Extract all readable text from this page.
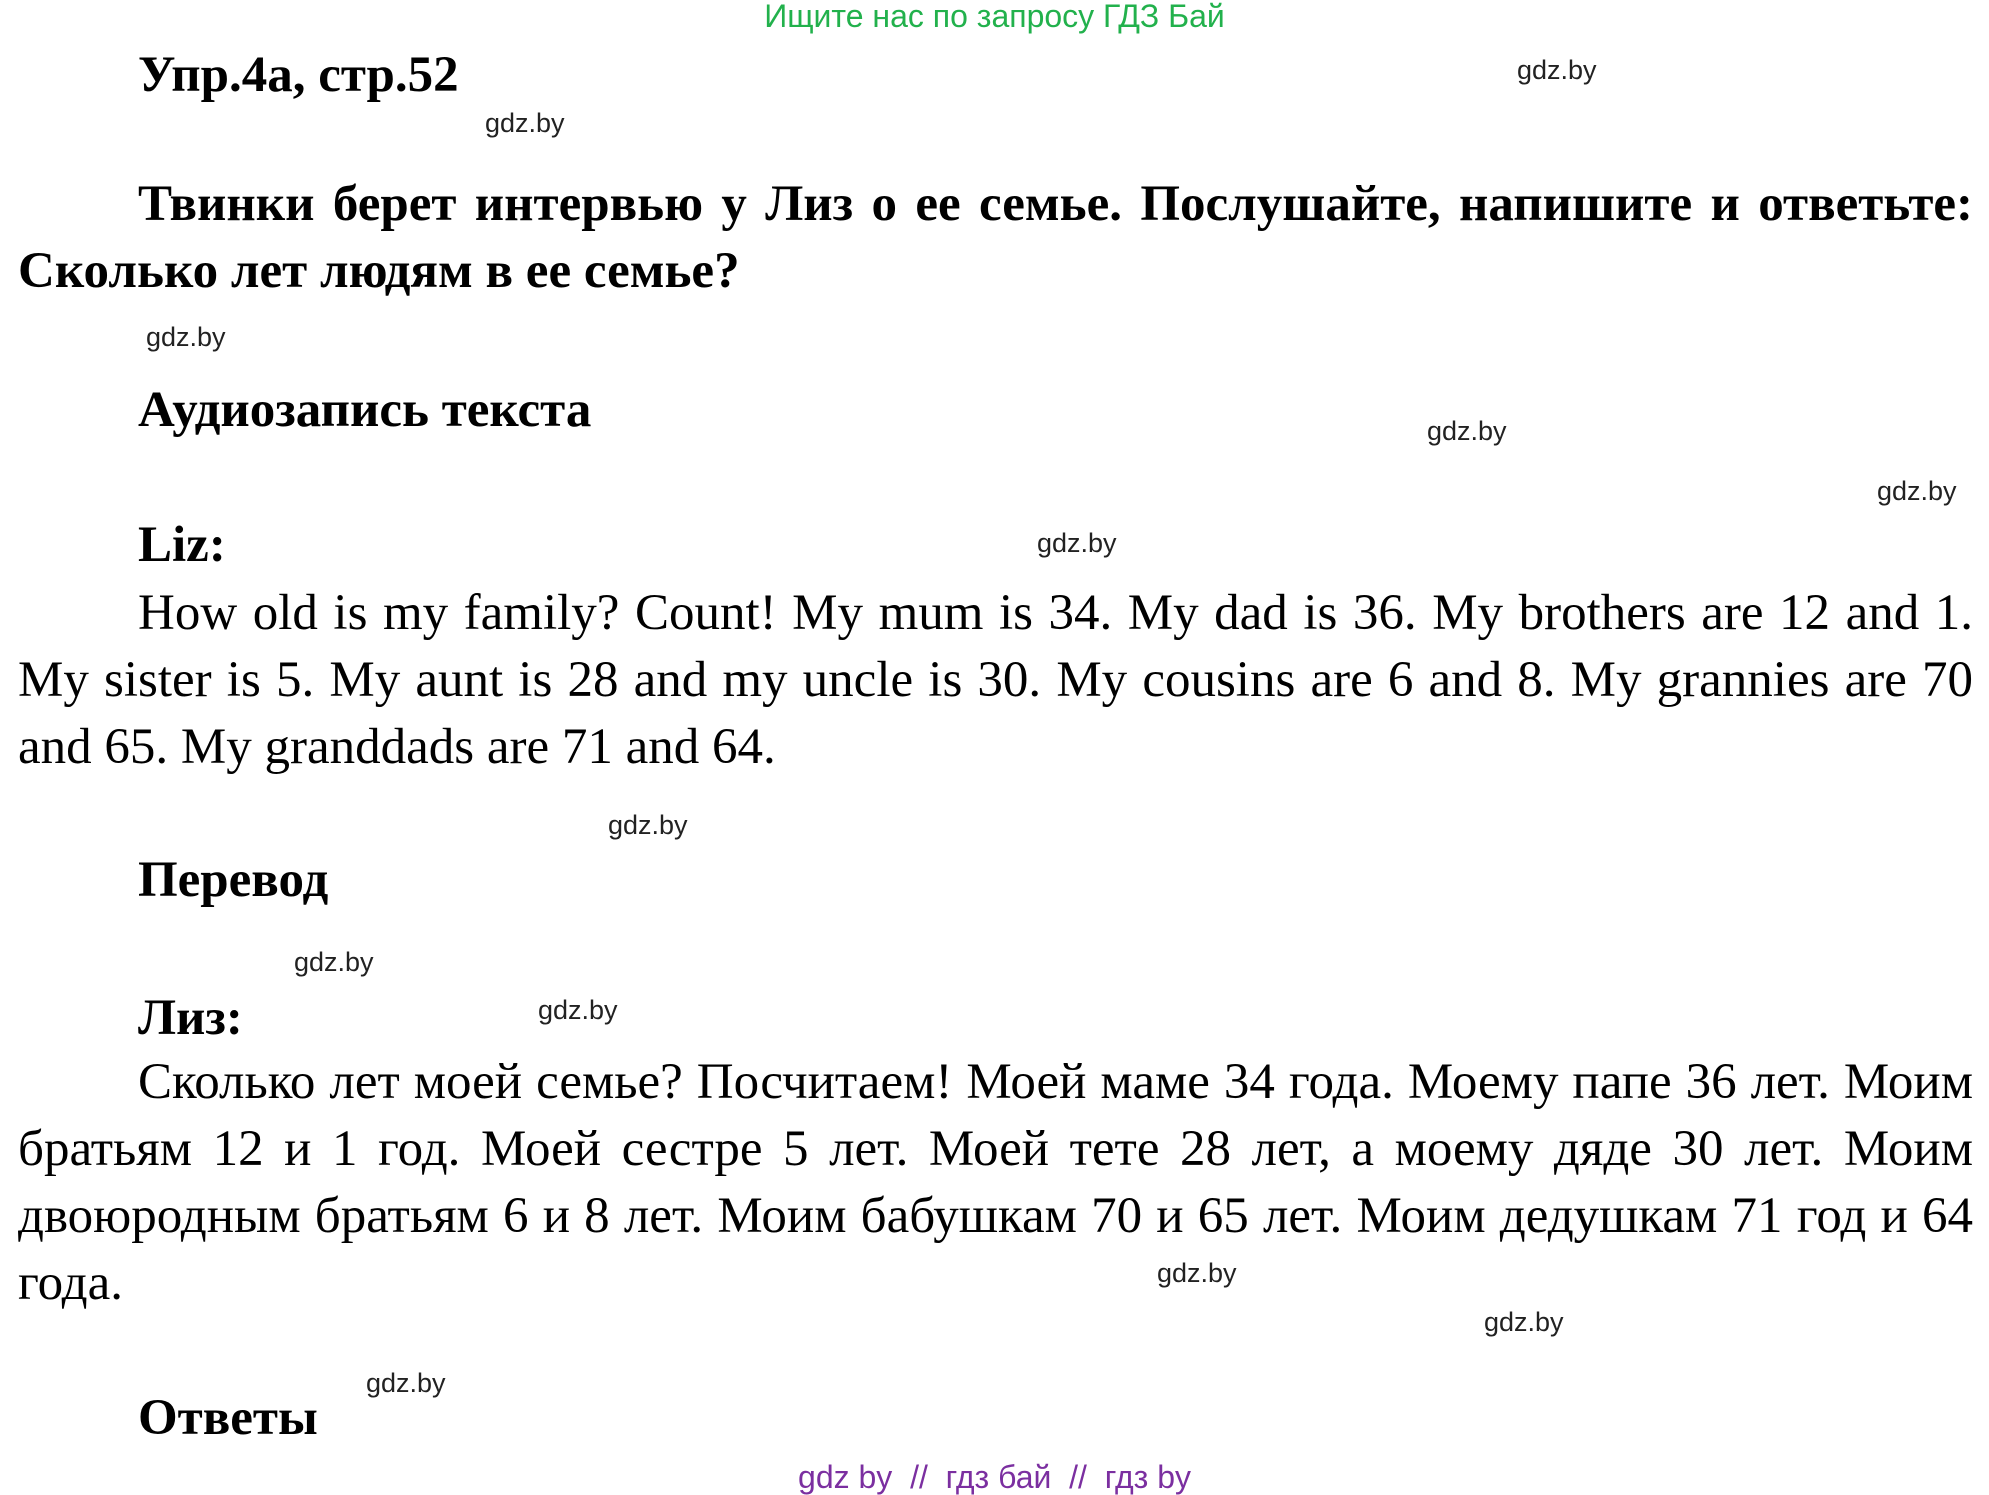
Ищите нас по запросу ГДЗ Бай
Упр.4а, стр.52
Твинки берет интервью у Лиз о ее семье. Послушайте, напишите и ответьте: Сколько лет людям в ее семье?
Аудиозапись текста
Liz:
How old is my family? Count! My mum is 34. My dad is 36. My brothers are 12 and 1. My sister is 5. My aunt is 28 and my uncle is 30. My cousins are 6 and 8. My grannies are 70 and 65. My granddads are 71 and 64.
Перевод
Лиз:
Сколько лет моей семье? Посчитаем! Моей маме 34 года. Моему папе 36 лет. Моим братьям 12 и 1 год. Моей сестре 5 лет. Моей тете 28 лет, а моему дяде 30 лет. Моим двоюродным братьям 6 и 8 лет. Моим бабушкам 70 и 65 лет. Моим дедушкам 71 год и 64 года.
Ответы
gdz.by
gdz.by
gdz.by
gdz.by
gdz.by
gdz.by
gdz.by
gdz.by
gdz.by
gdz.by
gdz.by
gdz.by
gdz by  //  гдз бай  //  гдз by
